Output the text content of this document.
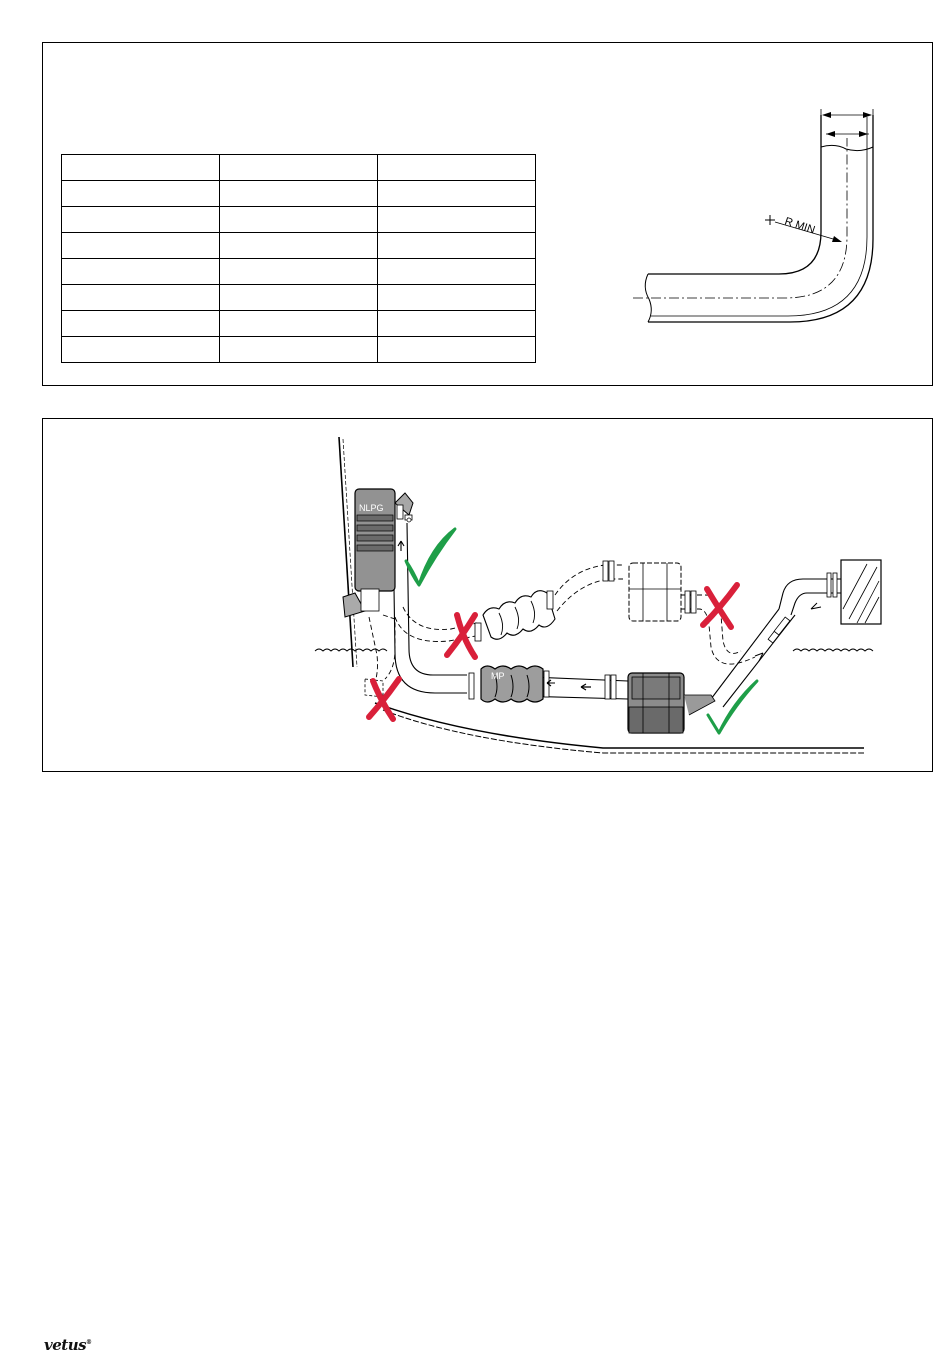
R MIN
MP
NLPG
vetus®
